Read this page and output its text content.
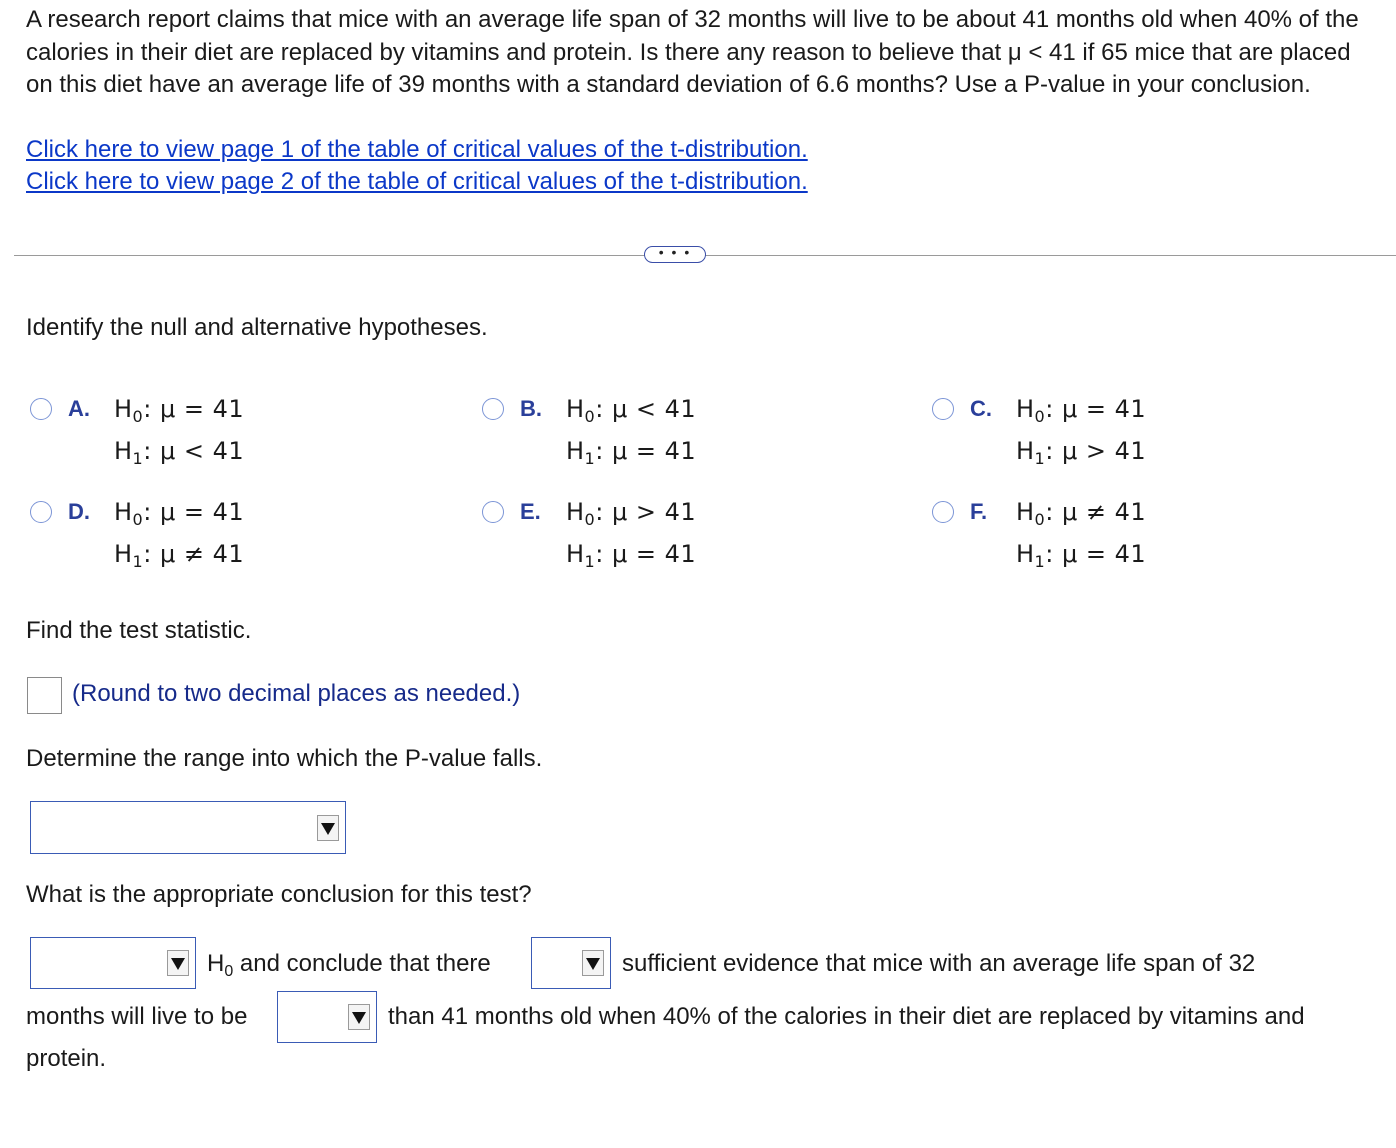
A research report claims that mice with an average life span of 32 months will live to be about 41 months old when 40% of the calories in their diet are replaced by vitamins and protein. Is there any reason to believe that μ < 41 if 65 mice that are placed on this diet have an average life of 39 months with a standard deviation of 6.6 months? Use a P-value in your conclusion.
Click here to view page 1 of the table of critical values of the t-distribution.
Click here to view page 2 of the table of critical values of the t-distribution.
• • •
Identify the null and alternative hypotheses.
A. $H_0$: μ = 41
$H_1$: μ < 41
B. $H_0$: μ < 41
$H_1$: μ = 41
C. $H_0$: μ = 41
$H_1$: μ > 41
D. $H_0$: μ = 41
$H_1$: μ ≠ 41
E. $H_0$: μ > 41
$H_1$: μ = 41
F. $H_0$: μ ≠ 41
$H_1$: μ = 41
Find the test statistic.
(Round to two decimal places as needed.)
Determine the range into which the P-value falls.
What is the appropriate conclusion for this test?
$H_0$ and conclude that there	sufficient evidence that mice with an average life span of 32
months will live to be	than 41 months old when 40% of the calories in their diet are replaced by vitamins and
protein.
